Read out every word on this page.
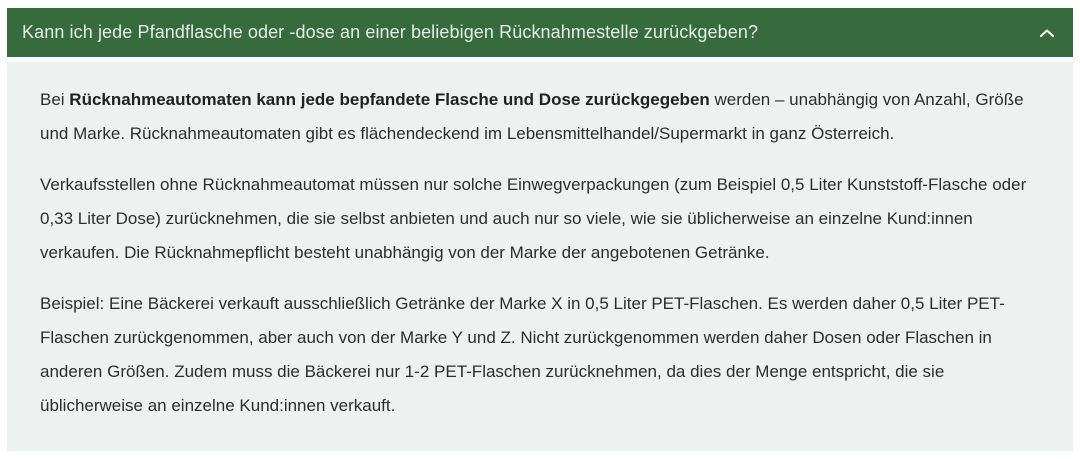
Kann ich jede Pfandflasche oder -dose an einer beliebigen Rücknahmestelle zurückgeben?

Bei Rücknahmeautomaten kann jede bepfandete Flasche und Dose zurückgegeben werden – unabhängig von Anzahl, Größe und Marke. Rücknahmeautomaten gibt es flächendeckend im Lebensmittelhandel/Supermarkt in ganz Österreich.

Verkaufsstellen ohne Rücknahmeautomat müssen nur solche Einwegverpackungen (zum Beispiel 0,5 Liter Kunststoff-Flasche oder 0,33 Liter Dose) zurücknehmen, die sie selbst anbieten und auch nur so viele, wie sie üblicherweise an einzelne Kund:innen verkaufen. Die Rücknahmepflicht besteht unabhängig von der Marke der angebotenen Getränke.

Beispiel: Eine Bäckerei verkauft ausschließlich Getränke der Marke X in 0,5 Liter PET-Flaschen. Es werden daher 0,5 Liter PET-Flaschen zurückgenommen, aber auch von der Marke Y und Z. Nicht zurückgenommen werden daher Dosen oder Flaschen in anderen Größen. Zudem muss die Bäckerei nur 1-2 PET-Flaschen zurücknehmen, da dies der Menge entspricht, die sie üblicherweise an einzelne Kund:innen verkauft.
